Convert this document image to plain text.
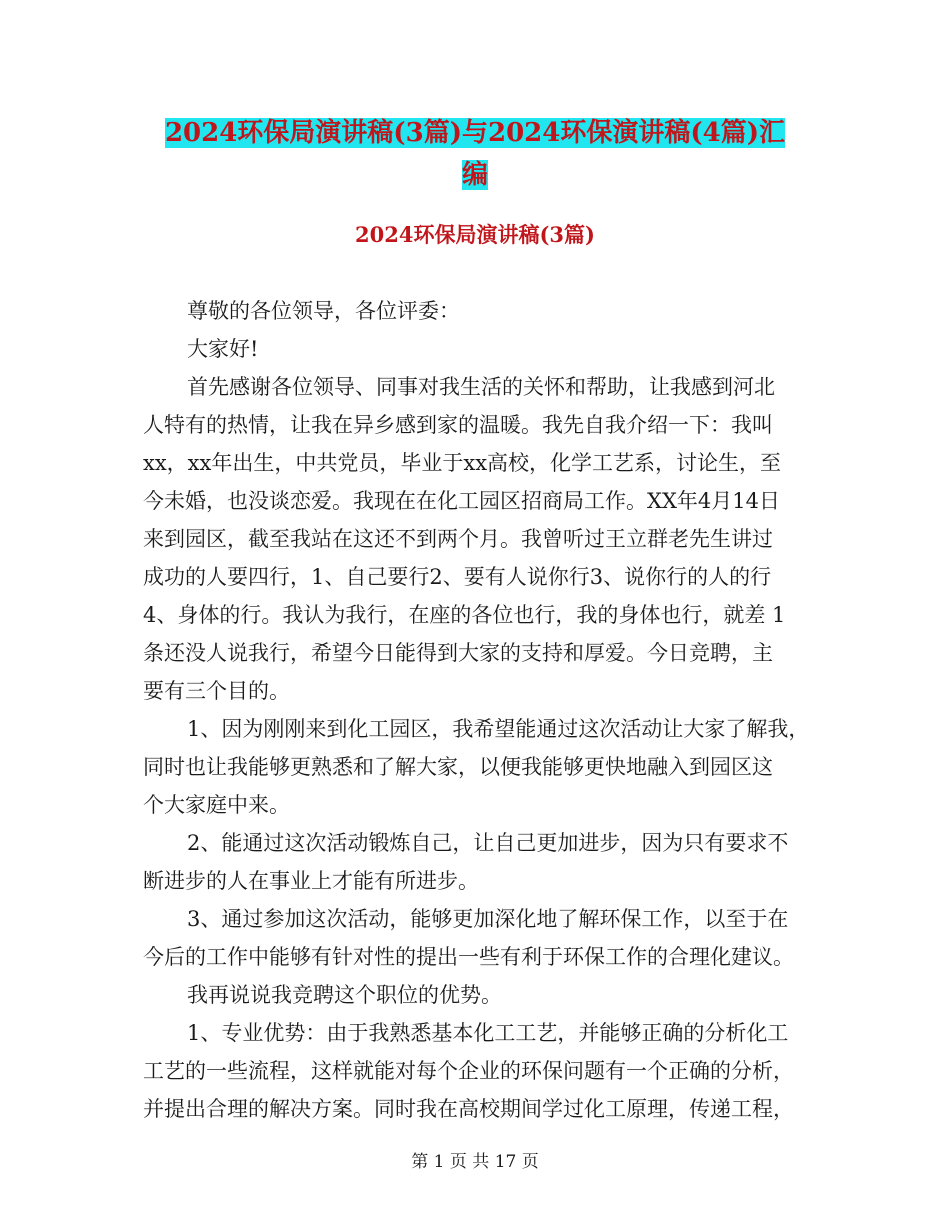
2024环保局演讲稿(3篇)与2024环保演讲稿(4篇)汇
编
2024环保局演讲稿(3篇)
尊敬的各位领导，各位评委：
大家好!
首先感谢各位领导、同事对我生活的关怀和帮助，让我感到河北
人特有的热情，让我在异乡感到家的温暖。我先自我介绍一下：我叫
xx，xx年出生，中共党员，毕业于xx高校，化学工艺系，讨论生，至
今未婚，也没谈恋爱。我现在在化工园区招商局工作。XX年4月14日
来到园区，截至我站在这还不到两个月。我曾听过王立群老先生讲过
成功的人要四行，1、自己要行2、要有人说你行3、说你行的人的行
4、身体的行。我认为我行，在座的各位也行，我的身体也行，就差 1
条还没人说我行，希望今日能得到大家的支持和厚爱。今日竞聘，主
要有三个目的。
1、因为刚刚来到化工园区，我希望能通过这次活动让大家了解我，
同时也让我能够更熟悉和了解大家，以便我能够更快地融入到园区这
个大家庭中来。
2、能通过这次活动锻炼自己，让自己更加进步，因为只有要求不
断进步的人在事业上才能有所进步。
3、通过参加这次活动，能够更加深化地了解环保工作，以至于在
今后的工作中能够有针对性的提出一些有利于环保工作的合理化建议。
我再说说我竞聘这个职位的优势。
1、专业优势：由于我熟悉基本化工工艺，并能够正确的分析化工
工艺的一些流程，这样就能对每个企业的环保问题有一个正确的分析，
并提出合理的解决方案。同时我在高校期间学过化工原理，传递工程，
第 1 页 共 17 页
